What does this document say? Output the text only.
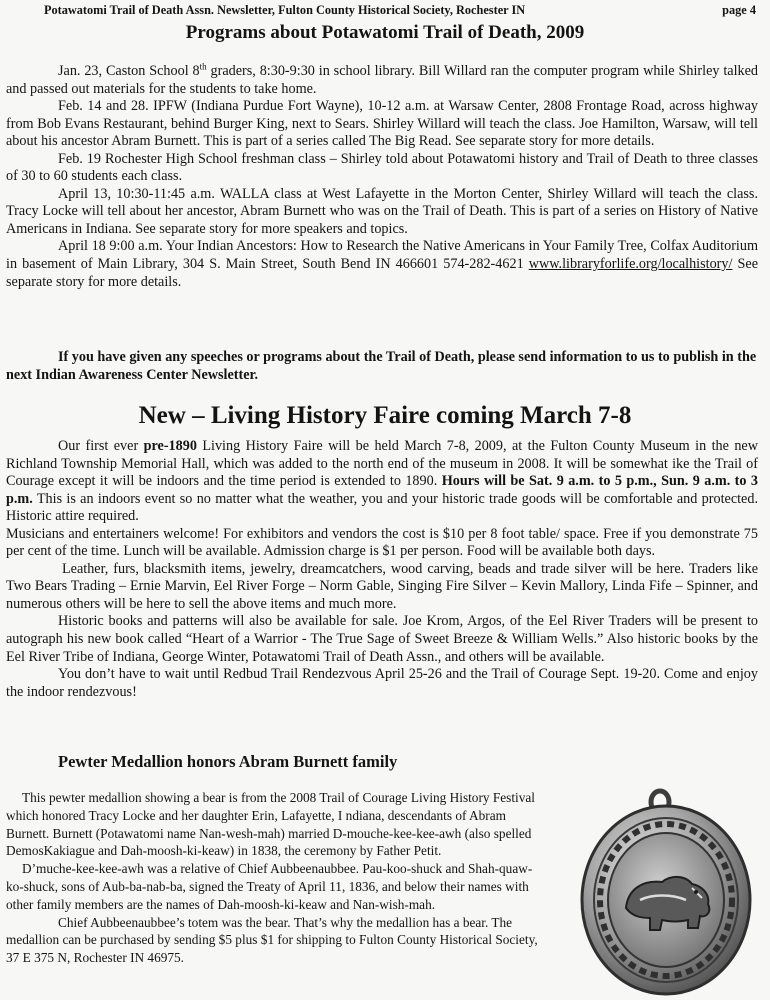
Potawatomi Trail of Death Assn. Newsletter, Fulton County Historical Society, Rochester IN	page 4
Programs about Potawatomi Trail of Death, 2009

Jan. 23, Caston School 8th graders, 8:30-9:30 in school library. Bill Willard ran the computer program while Shirley talked and passed out materials for the students to take home.

Feb. 14 and 28. IPFW (Indiana Purdue Fort Wayne), 10-12 a.m. at Warsaw Center, 2808 Frontage Road, across highway from Bob Evans Restaurant, behind Burger King, next to Sears. Shirley Willard will teach the class. Joe Hamilton, Warsaw, will tell about his ancestor Abram Burnett. This is part of a series called The Big Read. See separate story for more details.

Feb. 19 Rochester High School freshman class – Shirley told about Potawatomi history and Trail of Death to three classes of 30 to 60 students each class.

April 13, 10:30-11:45 a.m. WALLA class at West Lafayette in the Morton Center, Shirley Willard will teach the class. Tracy Locke will tell about her ancestor, Abram Burnett who was on the Trail of Death. This is part of a series on History of Native Americans in Indiana. See separate story for more speakers and topics.

April 18 9:00 a.m. Your Indian Ancestors: How to Research the Native Americans in Your Family Tree, Colfax Auditorium in basement of Main Library, 304 S. Main Street, South Bend IN 466601 574-282-4621 www.libraryforlife.org/localhistory/ See separate story for more details.

If you have given any speeches or programs about the Trail of Death, please send information to us to publish in the next Indian Awareness Center Newsletter.
New – Living History Faire coming March 7-8

Our first ever pre-1890 Living History Faire will be held March 7-8, 2009, at the Fulton County Museum in the new Richland Township Memorial Hall, which was added to the north end of the museum in 2008. It will be somewhat ike the Trail of Courage except it will be indoors and the time period is extended to 1890. Hours will be Sat. 9 a.m. to 5 p.m., Sun. 9 a.m. to 3 p.m. This is an indoors event so no matter what the weather, you and your historic trade goods will be comfortable and protected. Historic attire required.

Musicians and entertainers welcome! For exhibitors and vendors the cost is $10 per 8 foot table/ space. Free if you demonstrate 75 per cent of the time. Lunch will be available. Admission charge is $1 per person. Food will be available both days.

Leather, furs, blacksmith items, jewelry, dreamcatchers, wood carving, beads and trade silver will be here. Traders like Two Bears Trading – Ernie Marvin, Eel River Forge – Norm Gable, Singing Fire Silver – Kevin Mallory, Linda Fife – Spinner, and numerous others will be here to sell the above items and much more.

Historic books and patterns will also be available for sale. Joe Krom, Argos, of the Eel River Traders will be present to autograph his new book called “Heart of a Warrior - The True Sage of Sweet Breeze & William Wells.” Also historic books by the Eel River Tribe of Indiana, George Winter, Potawatomi Trail of Death Assn., and others will be available.

You don’t have to wait until Redbud Trail Rendezvous April 25-26 and the Trail of Courage Sept. 19-20. Come and enjoy the indoor rendezvous!

Pewter Medallion honors Abram Burnett family

This pewter medallion showing a bear is from the 2008 Trail of Courage Living History Festival which honored Tracy Locke and her daughter Erin, Lafayette, I ndiana, descendants of Abram Burnett. Burnett (Potawatomi name Nan-wesh-mah) married D-mouche-kee-kee-awh (also spelled DemosKakiague and Dah-moosh-ki-keaw) in 1838, the ceremony by Father Petit.

D’muche-kee-kee-awh was a relative of Chief Aubbeenaubbee. Pau-koo-shuck and Shah-quaw-ko-shuck, sons of Aub-ba-nab-ba, signed the Treaty of April 11, 1836, and below their names with other family members are the names of Dah-moosh-ki-keaw and Nan-wish-mah.

Chief Aubbeenaubbee’s totem was the bear. That’s why the medallion has a bear. The medallion can be purchased by sending $5 plus $1 for shipping to Fulton County Historical Society, 37 E 375 N, Rochester IN 46975.
